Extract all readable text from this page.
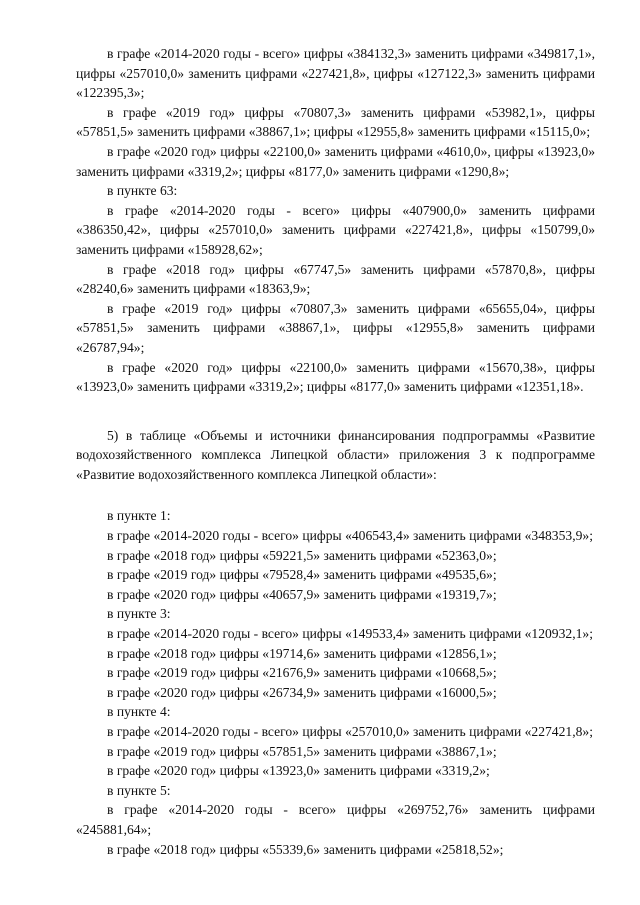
в графе «2014-2020 годы - всего» цифры «384132,3» заменить цифрами «349817,1», цифры «257010,0» заменить цифрами «227421,8», цифры «127122,3» заменить цифрами «122395,3»;

в графе «2019 год» цифры «70807,3» заменить цифрами «53982,1», цифры «57851,5» заменить цифрами «38867,1»; цифры «12955,8» заменить цифрами «15115,0»;

в графе «2020 год» цифры «22100,0» заменить цифрами «4610,0», цифры «13923,0» заменить цифрами «3319,2»; цифры «8177,0» заменить цифрами «1290,8»;

в пункте 63:

в графе «2014-2020 годы - всего» цифры «407900,0» заменить цифрами «386350,42», цифры «257010,0» заменить цифрами «227421,8», цифры «150799,0» заменить цифрами «158928,62»;

в графе «2018 год» цифры «67747,5» заменить цифрами «57870,8», цифры «28240,6» заменить цифрами «18363,9»;

в графе «2019 год» цифры «70807,3» заменить цифрами «65655,04», цифры «57851,5» заменить цифрами «38867,1», цифры «12955,8» заменить цифрами «26787,94»;

в графе «2020 год» цифры «22100,0» заменить цифрами «15670,38», цифры «13923,0» заменить цифрами «3319,2»; цифры «8177,0» заменить цифрами «12351,18».

5) в таблице «Объемы и источники финансирования подпрограммы «Развитие водохозяйственного комплекса Липецкой области» приложения 3 к подпрограмме «Развитие водохозяйственного комплекса Липецкой области»:

в пункте 1:

в графе «2014-2020 годы - всего» цифры «406543,4» заменить цифрами «348353,9»;

в графе «2018 год» цифры «59221,5» заменить цифрами «52363,0»;

в графе «2019 год» цифры «79528,4» заменить цифрами «49535,6»;

в графе «2020 год» цифры «40657,9» заменить цифрами «19319,7»;

в пункте 3:

в графе «2014-2020 годы - всего» цифры «149533,4» заменить цифрами «120932,1»;

в графе «2018 год» цифры «19714,6» заменить цифрами «12856,1»;

в графе «2019 год» цифры «21676,9» заменить цифрами «10668,5»;

в графе «2020 год» цифры «26734,9» заменить цифрами «16000,5»;

в пункте 4:

в графе «2014-2020 годы - всего» цифры «257010,0» заменить цифрами «227421,8»;

в графе «2019 год» цифры «57851,5» заменить цифрами «38867,1»;

в графе «2020 год» цифры «13923,0» заменить цифрами «3319,2»;

в пункте 5:

в графе «2014-2020 годы - всего» цифры «269752,76» заменить цифрами «245881,64»;

в графе «2018 год» цифры «55339,6» заменить цифрами «25818,52»;
